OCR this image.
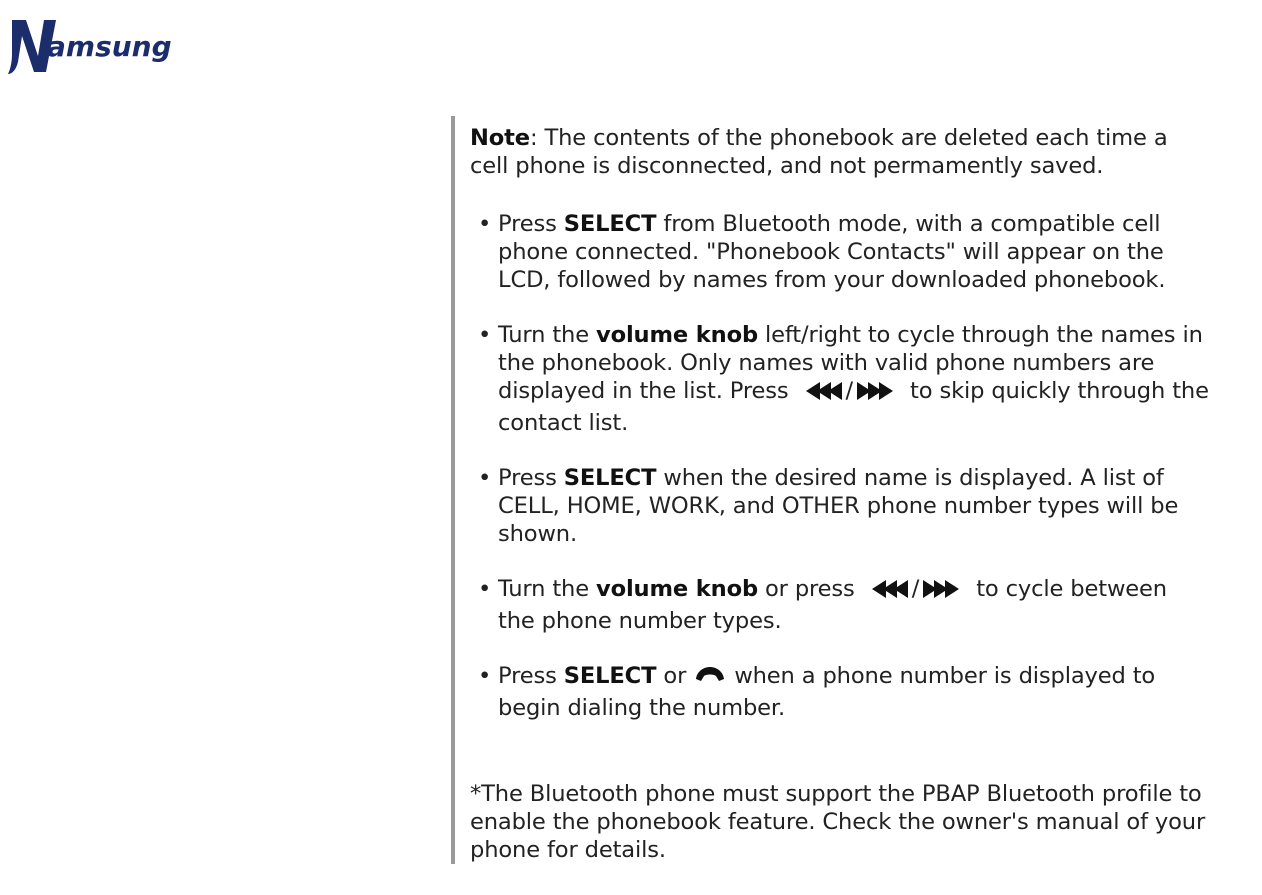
amsung

Note: The contents of the phonebook are deleted each time a cell phone is disconnected, and not permamently saved.

• Press SELECT from Bluetooth mode, with a compatible cell phone connected. "Phonebook Contacts" will appear on the LCD, followed by names from your downloaded phonebook.
• Turn the volume knob left/right to cycle through the names in the phonebook. Only names with valid phone numbers are displayed in the list. Press / to skip quickly through the contact list.
• Press SELECT when the desired name is displayed. A list of CELL, HOME, WORK, and OTHER phone number types will be shown.
• Turn the volume knob or press / to cycle between the phone number types.
• Press SELECT or  when a phone number is displayed to begin dialing the number.

*The Bluetooth phone must support the PBAP Bluetooth profile to enable the phonebook feature. Check the owner's manual of your phone for details.
